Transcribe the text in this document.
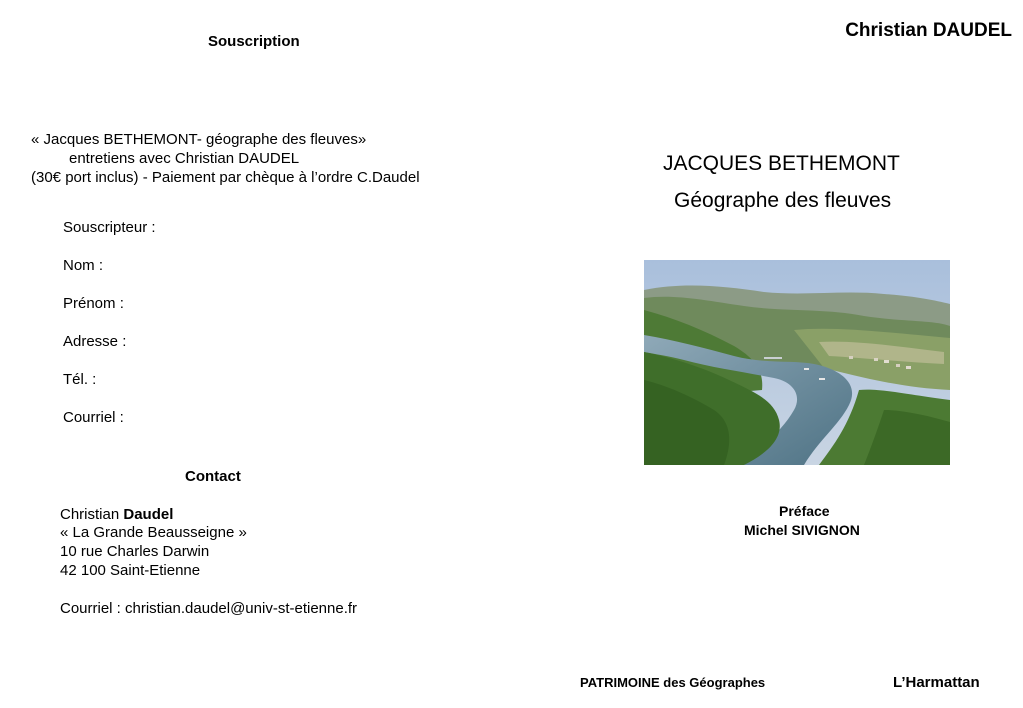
Souscription
« Jacques BETHEMONT- géographe des fleuves»
entretiens avec Christian DAUDEL
(30€ port inclus) - Paiement par chèque à l’ordre C.Daudel
Souscripteur :
Nom :
Prénom :
Adresse :
Tél. :
Courriel :
Contact
Christian Daudel
« La Grande Beausseigne »
10 rue Charles Darwin
42 100 Saint-Etienne
Courriel : christian.daudel@univ-st-etienne.fr
Christian DAUDEL
JACQUES BETHEMONT
Géographe des fleuves
Préface
Michel SIVIGNON
PATRIMOINE des Géographes	L’Harmattan
